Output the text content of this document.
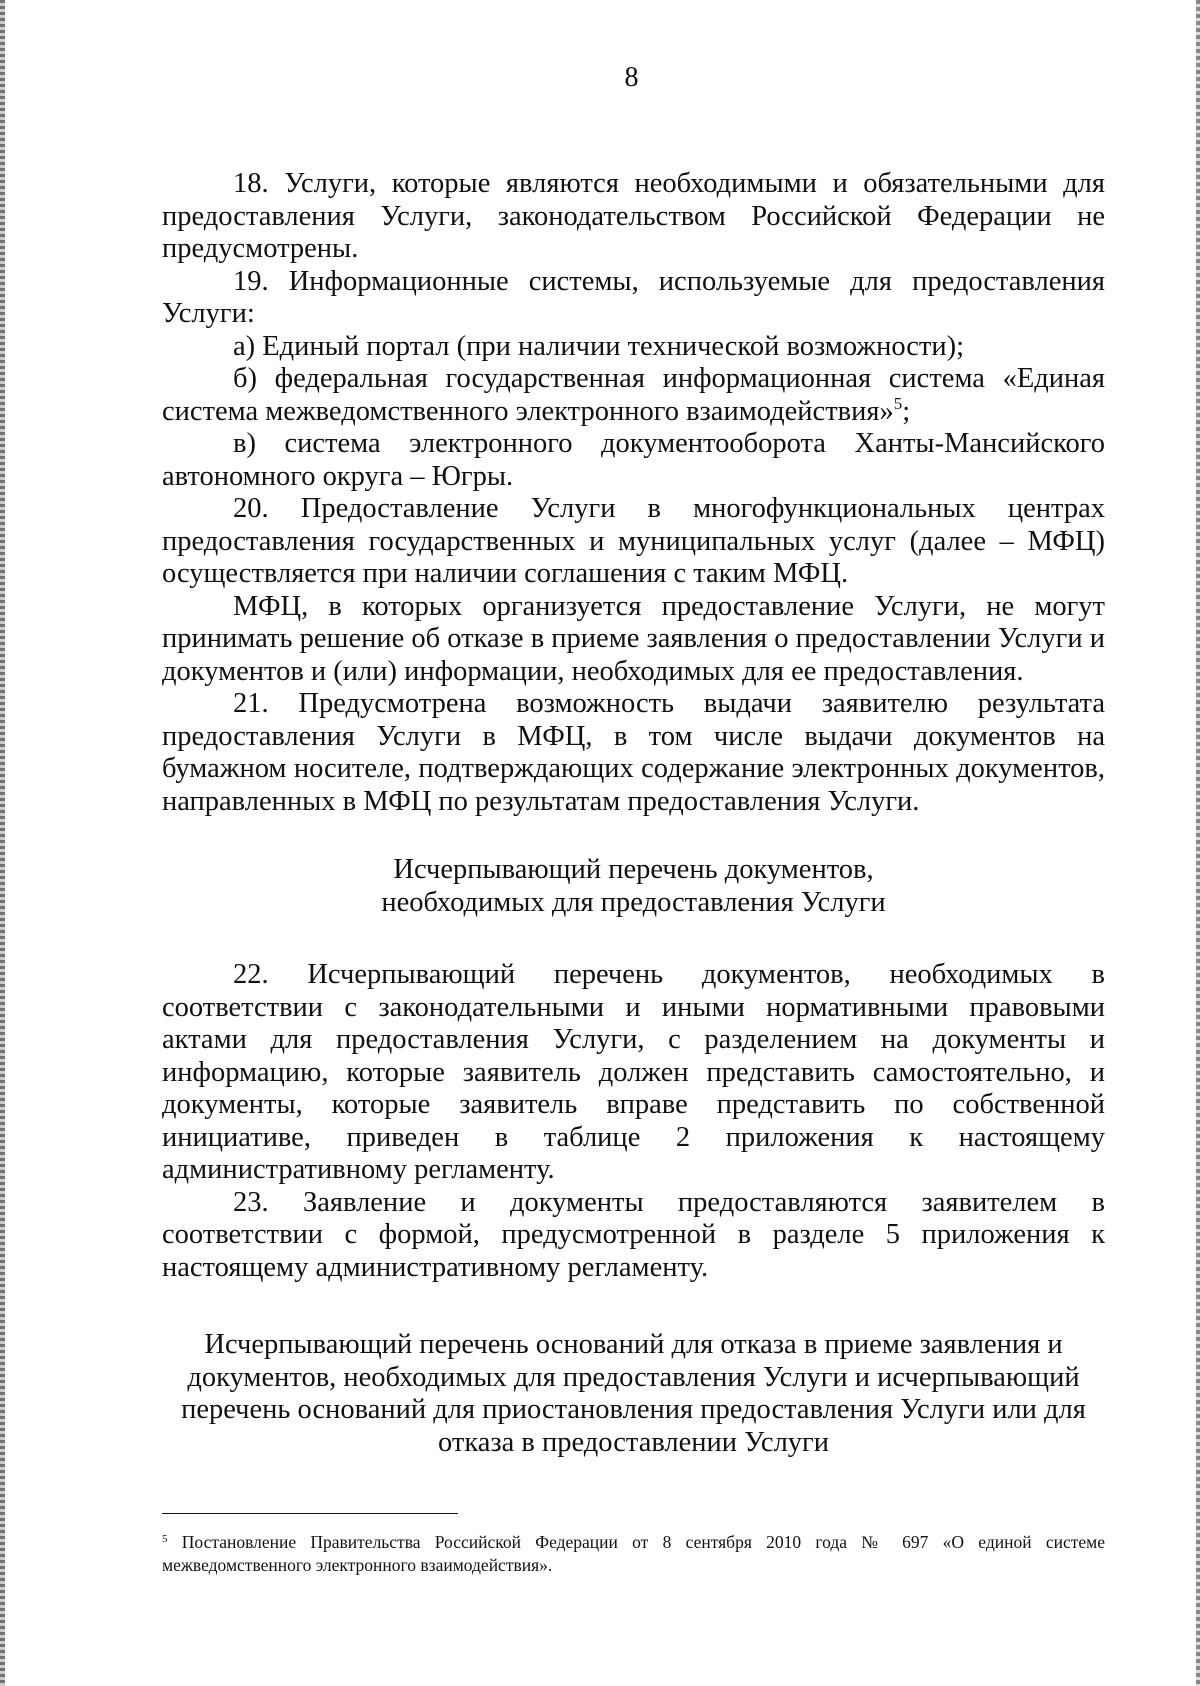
8

18. Услуги, которые являются необходимыми и обязательными для предоставления Услуги, законодательством Российской Федерации не предусмотрены.

19. Информационные системы, используемые для предоставления Услуги:

а) Единый портал (при наличии технической возможности);

б) федеральная государственная информационная система «Единая система межведомственного электронного взаимодействия»$^5$;

в) система электронного документооборота Ханты-Мансийского автономного округа – Югры.

20. Предоставление Услуги в многофункциональных центрах предоставления государственных и муниципальных услуг (далее – МФЦ) осуществляется при наличии соглашения с таким МФЦ.

МФЦ, в которых организуется предоставление Услуги, не могут принимать решение об отказе в приеме заявления о предоставлении Услуги и документов и (или) информации, необходимых для ее предоставления.

21. Предусмотрена возможность выдачи заявителю результата предоставления Услуги в МФЦ, в том числе выдачи документов на бумажном носителе, подтверждающих содержание электронных документов, направленных в МФЦ по результатам предоставления Услуги.

Исчерпывающий перечень документов,
необходимых для предоставления Услуги

22. Исчерпывающий перечень документов, необходимых в соответствии с законодательными и иными нормативными правовыми актами для предоставления Услуги, с разделением на документы и информацию, которые заявитель должен представить самостоятельно, и документы, которые заявитель вправе представить по собственной инициативе, приведен в таблице 2 приложения к настоящему административному регламенту.

23. Заявление и документы предоставляются заявителем в соответствии с формой, предусмотренной в разделе 5 приложения к настоящему административному регламенту.

Исчерпывающий перечень оснований для отказа в приеме заявления и документов, необходимых для предоставления Услуги и исчерпывающий перечень оснований для приостановления предоставления Услуги или для отказа в предоставлении Услуги

$^5$ Постановление Правительства Российской Федерации от 8 сентября 2010 года № 697 «О единой системе межведомственного электронного взаимодействия».
